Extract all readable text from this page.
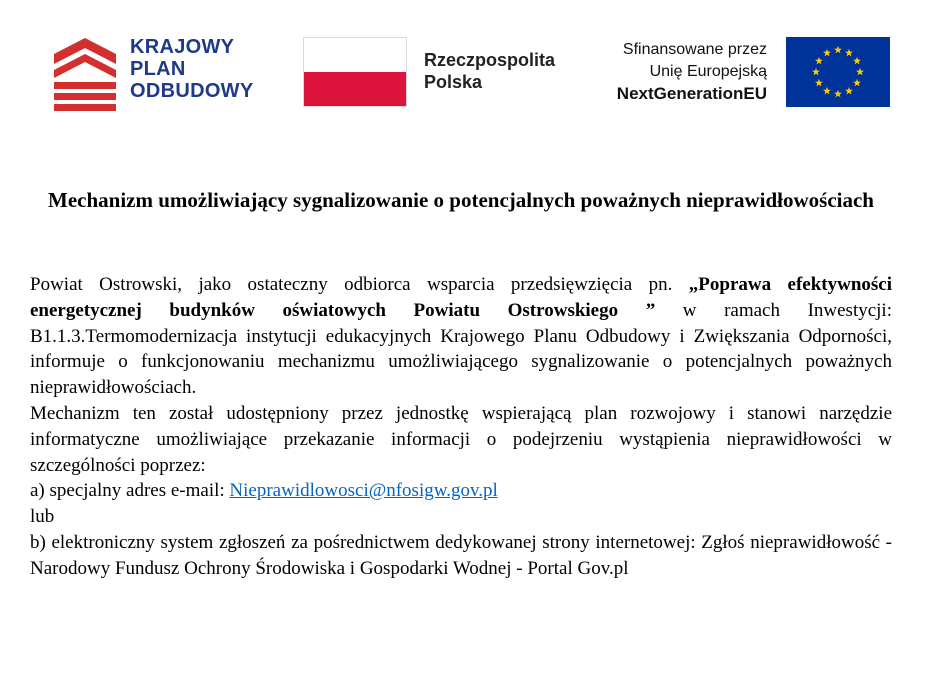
KRAJOWY
PLAN
ODBUDOWY
Rzeczpospolita
Polska
Sfinansowane przez
Unię Europejską
NextGenerationEU
Mechanizm umożliwiający sygnalizowanie o potencjalnych poważnych nieprawidłowościach

Powiat Ostrowski, jako ostateczny odbiorca wsparcia przedsięwzięcia pn. „Poprawa efektywności energetycznej budynków oświatowych Powiatu Ostrowskiego ” w ramach Inwestycji: B1.1.3.Termomodernizacja instytucji edukacyjnych Krajowego Planu Odbudowy i Zwiększania Odporności, informuje o funkcjonowaniu mechanizmu umożliwiającego sygnalizowanie o potencjalnych poważnych nieprawidłowościach.

Mechanizm ten został udostępniony przez jednostkę wspierającą plan rozwojowy i stanowi narzędzie informatyczne umożliwiające przekazanie informacji o podejrzeniu wystąpienia nieprawidłowości w szczególności poprzez:

a) specjalny adres e-mail: Nieprawidlowosci@nfosigw.gov.pl

lub

b) elektroniczny system zgłoszeń za pośrednictwem dedykowanej strony internetowej: Zgłoś nieprawidłowość - Narodowy Fundusz Ochrony Środowiska i Gospodarki Wodnej - Portal Gov.pl
